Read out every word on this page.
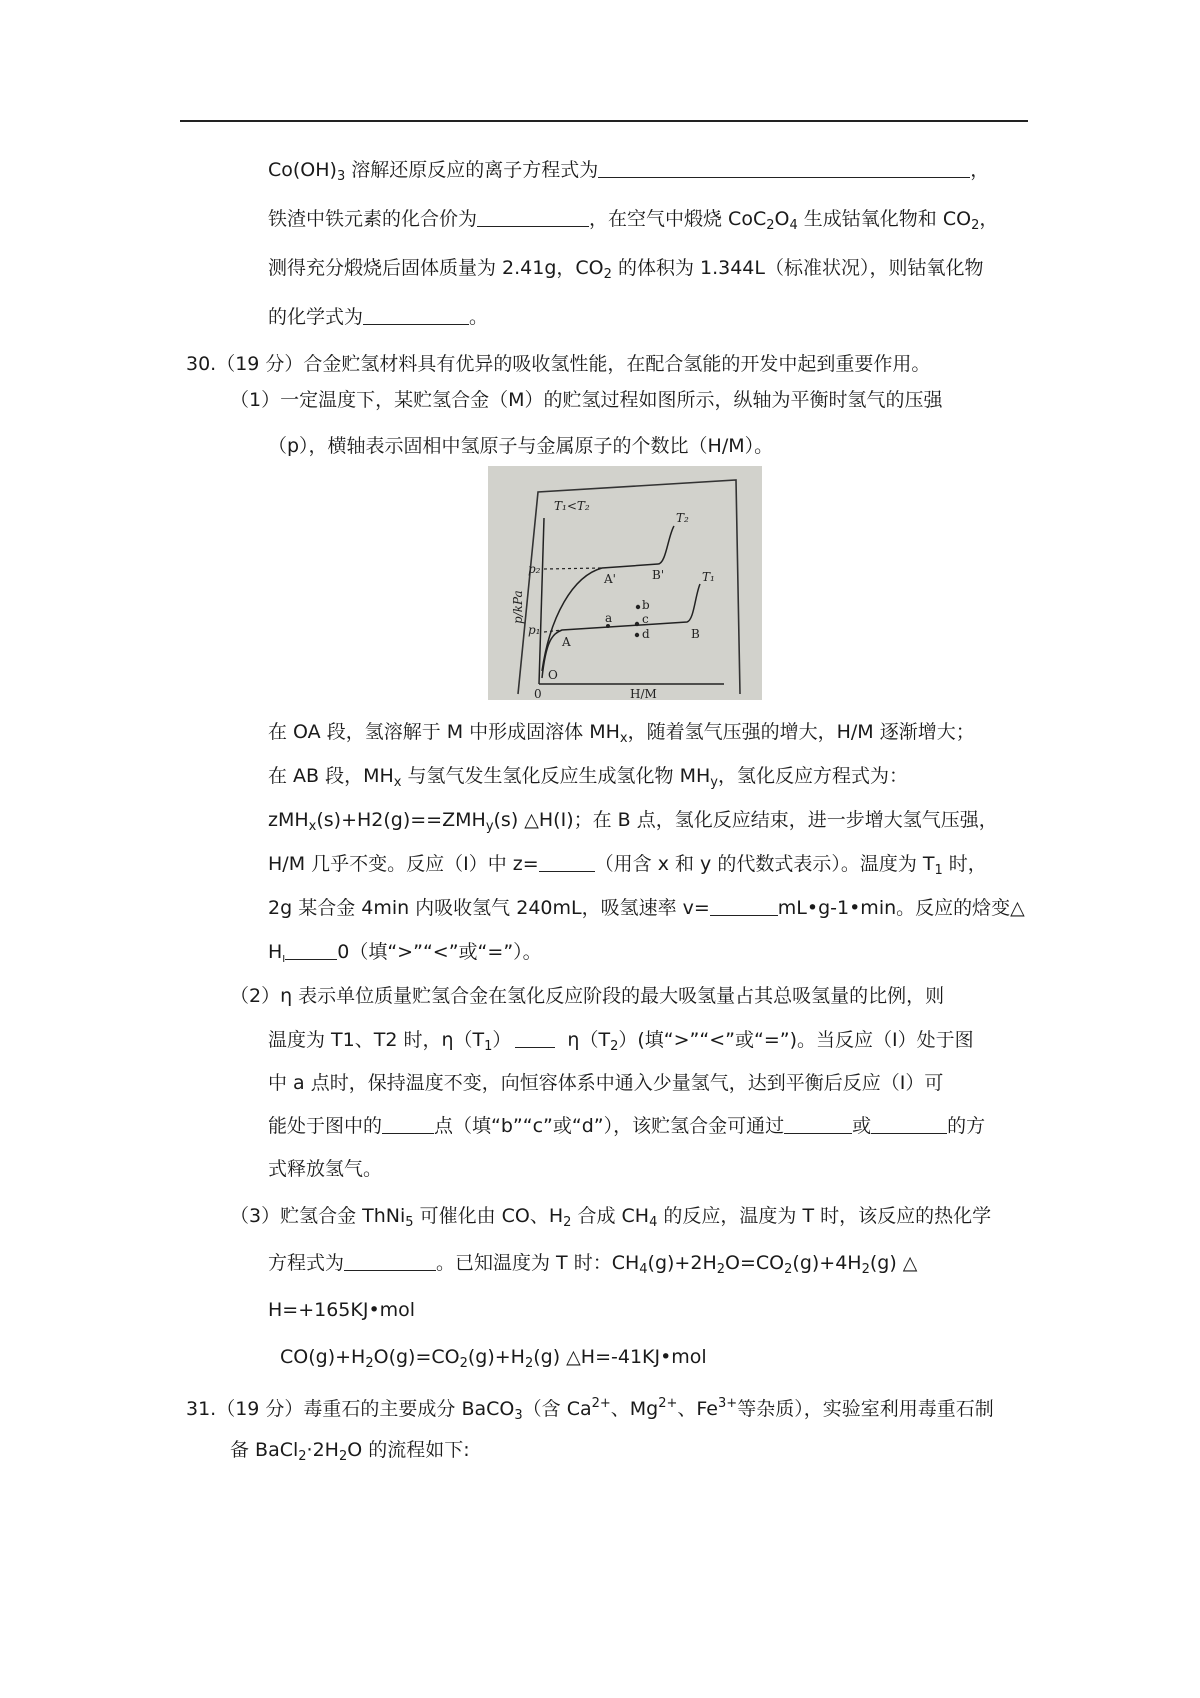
$Co(OH)_3$ 溶解还原反应的离子方程式为	，
铁渣中铁元素的化合价为	，在空气中煅烧 $CoC_2O_4$ 生成钴氧化物和 $CO_2$，
测得充分煅烧后固体质量为 2.41g，$CO_2$ 的体积为 1.344L（标准状况），则钴氧化物
的化学式为	。
30.（19 分）合金贮氢材料具有优异的吸收氢性能，在配合氢能的开发中起到重要作用。
（1）一定温度下，某贮氢合金（M）的贮氢过程如图所示，纵轴为平衡时氢气的压强
（p），横轴表示固相中氢原子与金属原子的个数比（H/M）。
T₁<T₂
T₂
T₁
p₂
p₁
p/kPa
H/M
0
O
A
A'
B
B'
a
b
c
d
在 OA 段，氢溶解于 M 中形成固溶体 $MH_x$，随着氢气压强的增大，H/M 逐渐增大；
在 AB 段，$MH_x$ 与氢气发生氢化反应生成氢化物 $MH_y$，氢化反应方程式为：
$zMH_x(s)+H2(g)==ZMH_y(s)$ △H(Ⅰ)；在 B 点，氢化反应结束，进一步增大氢气压强，
H/M 几乎不变。反应（Ⅰ）中 z=	（用含 x 和 y 的代数式表示）。温度为 $T_1$ 时，
2g 某合金 4min 内吸收氢气 240mL，吸氢速率 v=	mL•g-1•min。反应的焓变△
$H_Ⅰ$	0（填“>”“<”或“=”）。
（2）η 表示单位质量贮氢合金在氢化反应阶段的最大吸氢量占其总吸氢量的比例，则
温度为 T1、T2 时，$\eta(T_1)$	$\eta(T_2)$(填“>”“<”或“=”)。当反应（Ⅰ）处于图
中 a 点时，保持温度不变，向恒容体系中通入少量氢气，达到平衡后反应（Ⅰ）可
能处于图中的	点（填“b”“c”或“d”），该贮氢合金可通过	或	的方
式释放氢气。
（3）贮氢合金 ThNi$_5$ 可催化由 CO、$H_2$ 合成 $CH_4$ 的反应，温度为 T 时，该反应的热化学
方程式为	。已知温度为 T 时：$CH_4(g)+2H_2O=CO_2(g)+4H_2(g)$ △
H=+165KJ•mol
$CO(g)+H_2O(g)=CO_2(g)+H_2(g)$ △H=-41KJ•mol
31.（19 分）毒重石的主要成分 BaCO$_3$（含 $Ca^{2+}$、$Mg^{2+}$、$Fe^{3+}$等杂质），实验室利用毒重石制
备 $BaCl_2\cdot 2H_2O$ 的流程如下:
